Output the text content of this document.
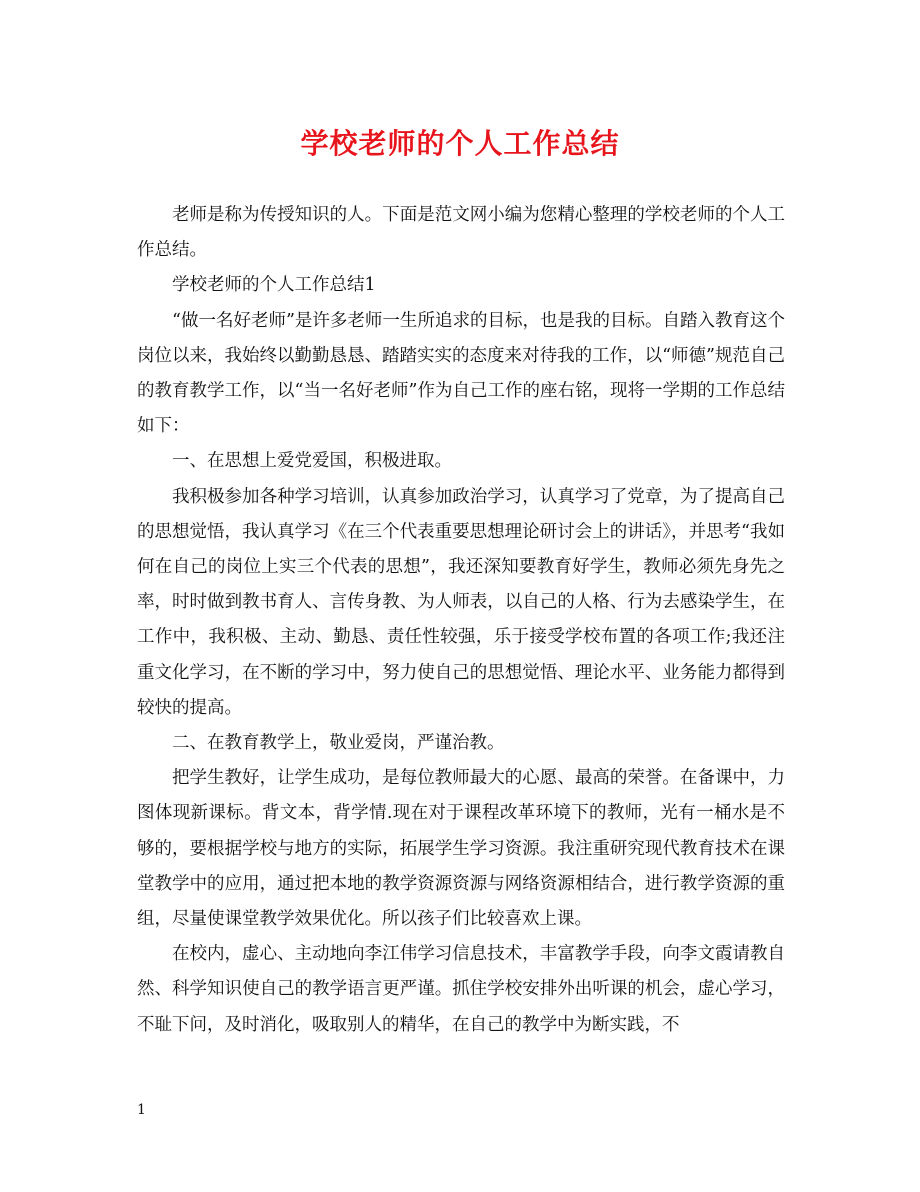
学校老师的个人工作总结

老师是称为传授知识的人。下面是范文网小编为您精心整理的学校老师的个人工作总结。

学校老师的个人工作总结1

“做一名好老师”是许多老师一生所追求的目标，也是我的目标。自踏入教育这个岗位以来，我始终以勤勤恳恳、踏踏实实的态度来对待我的工作，以“师德”规范自己的教育教学工作，以“当一名好老师”作为自己工作的座右铭，现将一学期的工作总结如下：

一、在思想上爱党爱国，积极进取。

我积极参加各种学习培训，认真参加政治学习，认真学习了党章，为了提高自己的思想觉悟，我认真学习《在三个代表重要思想理论研讨会上的讲话》，并思考“我如何在自己的岗位上实三个代表的思想”，我还深知要教育好学生，教师必须先身先之率，时时做到教书育人、言传身教、为人师表，以自己的人格、行为去感染学生，在工作中，我积极、主动、勤恳、责任性较强，乐于接受学校布置的各项工作;我还注重文化学习，在不断的学习中，努力使自己的思想觉悟、理论水平、业务能力都得到较快的提高。

二、在教育教学上，敬业爱岗，严谨治教。

把学生教好，让学生成功，是每位教师最大的心愿、最高的荣誉。在备课中，力图体现新课标。背文本，背学情.现在对于课程改革环境下的教师，光有一桶水是不够的，要根据学校与地方的实际，拓展学生学习资源。我注重研究现代教育技术在课堂教学中的应用，通过把本地的教学资源资源与网络资源相结合，进行教学资源的重组，尽量使课堂教学效果优化。所以孩子们比较喜欢上课。

在校内，虚心、主动地向李江伟学习信息技术，丰富教学手段，向李文霞请教自然、科学知识使自己的教学语言更严谨。抓住学校安排外出听课的机会，虚心学习，不耻下问，及时消化，吸取别人的精华，在自己的教学中为断实践，不

1
